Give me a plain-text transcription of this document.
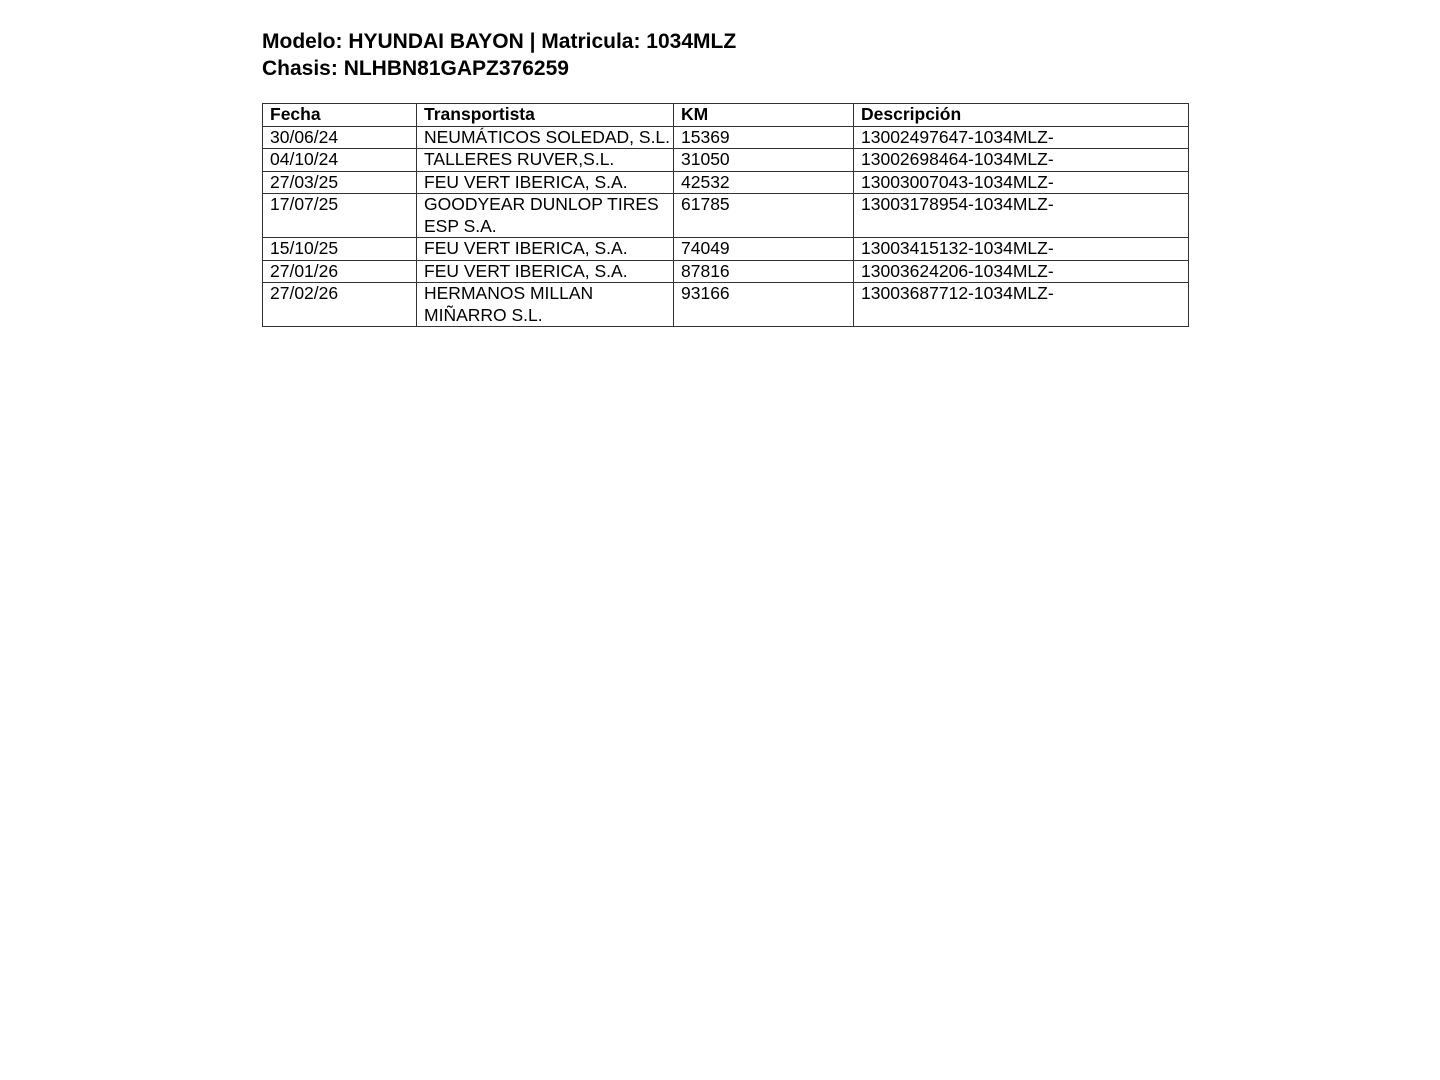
Modelo: HYUNDAI BAYON | Matricula: 1034MLZ
Chasis: NLHBN81GAPZ376259
Fecha	Transportista	KM	Descripción
30/06/24	NEUMÁTICOS SOLEDAD, S.L.	15369	13002497647-1034MLZ-
04/10/24	TALLERES RUVER,S.L.	31050	13002698464-1034MLZ-
27/03/25	FEU VERT IBERICA, S.A.	42532	13003007043-1034MLZ-
17/07/25	GOODYEAR DUNLOP TIRES ESP S.A.	61785	13003178954-1034MLZ-
15/10/25	FEU VERT IBERICA, S.A.	74049	13003415132-1034MLZ-
27/01/26	FEU VERT IBERICA, S.A.	87816	13003624206-1034MLZ-
27/02/26	HERMANOS MILLAN MIÑARRO S.L.	93166	13003687712-1034MLZ-
